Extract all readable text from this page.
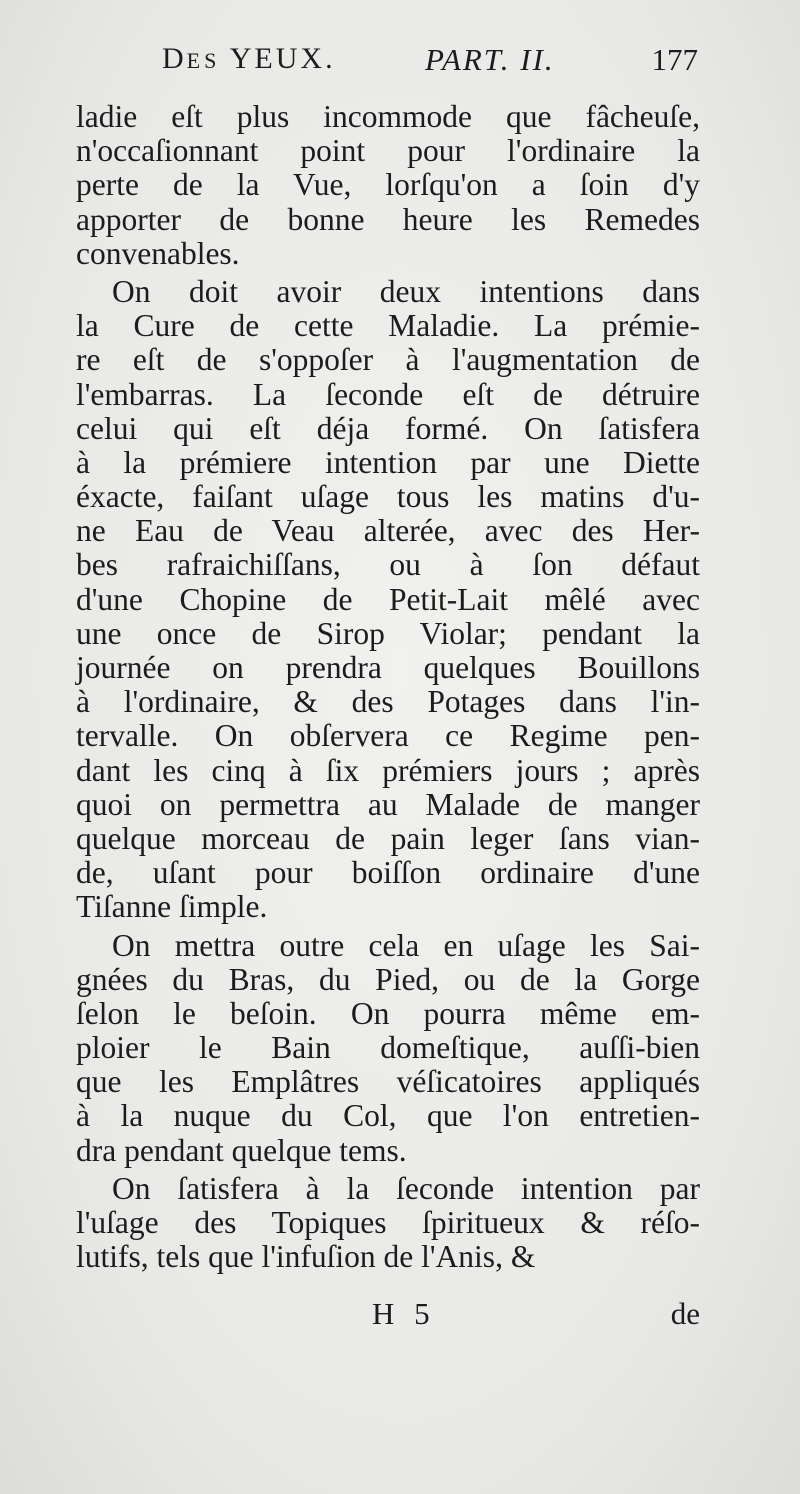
DES YEUX.	PART. II.	177
ladie eſt plus incommode que fâcheuſe,
n'occaſionnant point pour l'ordinaire la
perte de la Vue, lorſqu'on a ſoin d'y
apporter de bonne heure les Remedes
convenables.
On doit avoir deux intentions dans
la Cure de cette Maladie. La prémie-
re eſt de s'oppoſer à l'augmentation de
l'embarras. La ſeconde eſt de détruire
celui qui eſt déja formé. On ſatisfera
à la prémiere intention par une Diette
éxacte, faiſant uſage tous les matins d'u-
ne Eau de Veau alterée, avec des Her-
bes rafraichiſſans, ou à ſon défaut
d'une Chopine de Petit-Lait mêlé avec
une once de Sirop Violar; pendant la
journée on prendra quelques Bouillons
à l'ordinaire, & des Potages dans l'in-
tervalle. On obſervera ce Regime pen-
dant les cinq à ſix prémiers jours ; après
quoi on permettra au Malade de manger
quelque morceau de pain leger ſans vian-
de, uſant pour boiſſon ordinaire d'une
Tiſanne ſimple.
On mettra outre cela en uſage les Sai-
gnées du Bras, du Pied, ou de la Gorge
ſelon le beſoin. On pourra même em-
ploier le Bain domeſtique, auſſi-bien
que les Emplâtres véſicatoires appliqués
à la nuque du Col, que l'on entretien-
dra pendant quelque tems.
On ſatisfera à la ſeconde intention par
l'uſage des Topiques ſpiritueux & réſo-
lutifs, tels que l'infuſion de l'Anis, &
H 5	de
